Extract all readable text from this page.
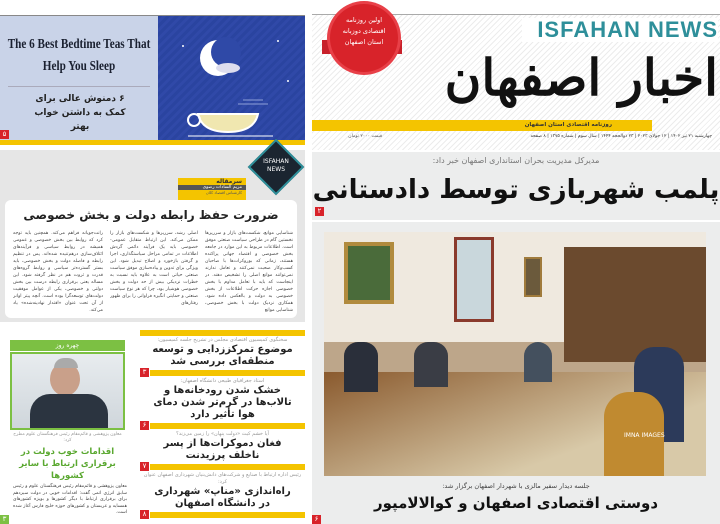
The 6 Best Bedtime Teas That Help You Sleep
۶ دمنوش عالی برای کمک به داشتن خواب بهتر
۵
سرمقاله
مریم السادات رضوی
کارشناس اقتصاد کلان
ISFAHAN NEWS
ضرورت حفظ رابطه دولت و بخش خصوصی
شناسایی موانع، شکست‌های بازار و سرریزها نخستین گام در طراحی سیاست صنعتی موفق است. اطلاعات مربوط به این موارد در جامعه بخش خصوصی و اقتصاد جهانی پراکنده هستند، زمانی که بوروکرات‌ها با صاحبان کسب‌وکار صحبت نمی‌کنند و تعامل ندارند نمی‌توانند موانع اصلی را تشخیص دهند. در اینجاست که باید با تعامل مداوم با بخش خصوصی اجازه حرکت اطلاعات از بخش خصوصی به دولت و بالعکس داده شود. همکاری نزدیک دولت با بخش خصوصی، شناسایی موانع
اصلی رشد، سرریزها و شکست‌های بازار را ممکن می‌کند. این ارتباط متقابل عمومی-خصوصی باید یک فرآیند دائمی گردش اطلاعات در تمامی مراحل سیاستگذاری، اجرا و گرفتن بازخورد و اصلاح تبدیل شود. این ویژگی برای تدوین و پیاده‌سازی موفق سیاست صنعتی حیاتی است به علاوه باید نسبت به خطرات نزدیکی بیش از حد دولت و بخش خصوصی هوشیار بود، چرا که هر نوع سیاست صنعتی و حمایتی انگیزه فراوانی را برای ظهور رفتارهای
رانت‌جویانه فراهم می‌کند. همچنین باید توجه کرد که روابط بین بخش خصوصی و عمومی همیشه در روابط سیاسی و فرآیندهای ائتلاف‌سازی درهم‌تنیده شده‌اند. پس در تنظیم رابطه و فاصله دولت و بخش خصوصی، باید بستر گسترده‌تر سیاسی و روابط گروه‌های قدرت و ثروت هم در نظر گرفته شود. این مساله یعنی برقراری رابطه درست بین بخش دولتی و خصوصی، یکی از عوامل موفقیت دولت‌های توسعه‌گرا بوده است. آنچه پیتر اوانز از آن تحت عنوان «اقتدار نهادینه‌شده» یاد می‌کند.
چهره روز
معاون پژوهشی و قائم‌مقام رئیس فرهنگستان علوم مطرح کرد:
اقدامات خوب دولت در برقراری ارتباط با سایر کشورها
معاون پژوهشی و قائم‌مقام رئیس فرهنگستان علوم و رئیس سابق انرژی اتمی گفت: اقدامات خوبی در دولت سیزدهم برای برقراری ارتباط با دیگر کشورها و بویژه کشورهای همسایه و عربستان و کشورهای حوزه خلیج فارس آغاز شده است.
۳
سخنگوی کمیسیون اقتصادی مجلس در تشریح جلسه کمیسیون:
موضوع تمرکززدایی و توسعه منطقه‌ای بررسی شد
۳
استاد جغرافیای طبیعی دانشگاه اصفهان:
خشک شدن رودخانه‌ها و تالاب‌ها در گرم‌تر شدن دمای هوا تأثیر دارد
۶
آیا خشم کیث «دولت پنهان» را زمین می‌زند؟
فغان دموکرات‌ها از پسر ناخلف پرزیدنت
۷
رئیس اداره ارتباط با صنایع و شرکت‌های دانش‌بنیان شهرداری اصفهان عنوان کرد:
راه‌اندازی «مناپ» شهرداری در دانشگاه اصفهان
۸
ISFAHAN NEWS
اخبار اصفهان
روزنامه اقتصادی استان اصفهان
چهارشنبه ۲۱ تیر ۱۴۰۲ | ۱۲ جولای ۲۰۲۳ | ۲۳ ذوالحجه ۱۴۴۴ | سال سوم | شماره ۱۳۷۵ | ۸ صفحه
قیمت ۲۰۰۰ تومان
اولین روزنامه اقتصادی دوزبانه استان اصفهان
مدیرکل مدیریت بحران استانداری اصفهان خبر داد:
پلمب شهربازی توسط دادستانی
۲
IMNA IMAGES
جلسه دیدار سفیر مالزی با شهردار اصفهان برگزار شد:
دوستی اقتصادی اصفهان و کوالالامپور
۶
